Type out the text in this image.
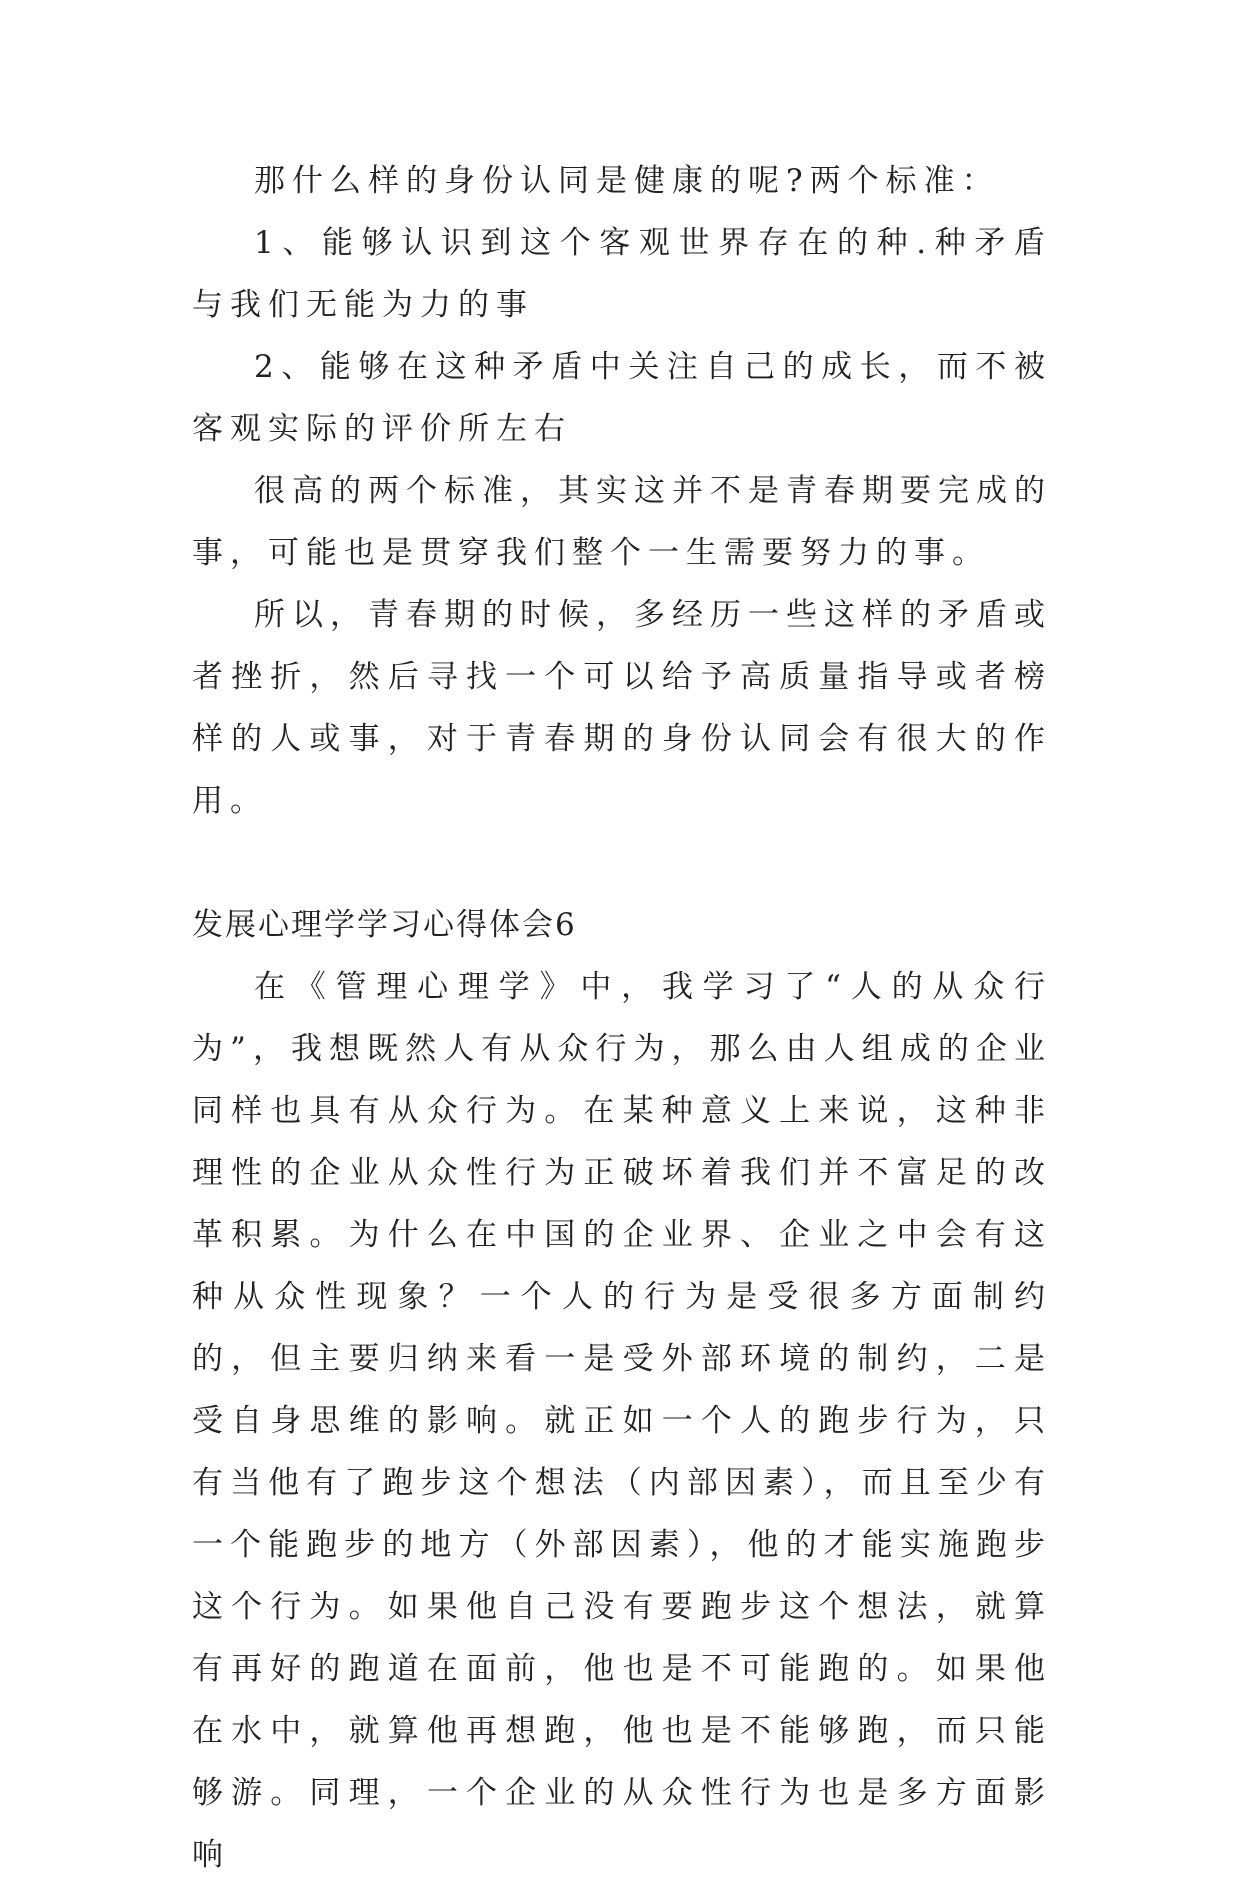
那什么样的身份认同是健康的呢?两个标准：

1、能够认识到这个客观世界存在的种.种矛盾与我们无能为力的事

2、能够在这种矛盾中关注自己的成长，而不被客观实际的评价所左右

很高的两个标准，其实这并不是青春期要完成的事，可能也是贯穿我们整个一生需要努力的事。

所以，青春期的时候，多经历一些这样的矛盾或者挫折，然后寻找一个可以给予高质量指导或者榜样的人或事，对于青春期的身份认同会有很大的作用。

发展心理学学习心得体会6

在《管理心理学》中，我学习了“人的从众行为”，我想既然人有从众行为，那么由人组成的企业同样也具有从众行为。在某种意义上来说，这种非理性的企业从众性行为正破坏着我们并不富足的改革积累。为什么在中国的企业界、企业之中会有这种从众性现象？一个人的行为是受很多方面制约的，但主要归纳来看一是受外部环境的制约，二是受自身思维的影响。就正如一个人的跑步行为，只有当他有了跑步这个想法（内部因素），而且至少有一个能跑步的地方（外部因素），他的才能实施跑步这个行为。如果他自己没有要跑步这个想法，就算有再好的跑道在面前，他也是不可能跑的。如果他在水中，就算他再想跑，他也是不能够跑，而只能够游。同理，一个企业的从众性行为也是多方面影响
